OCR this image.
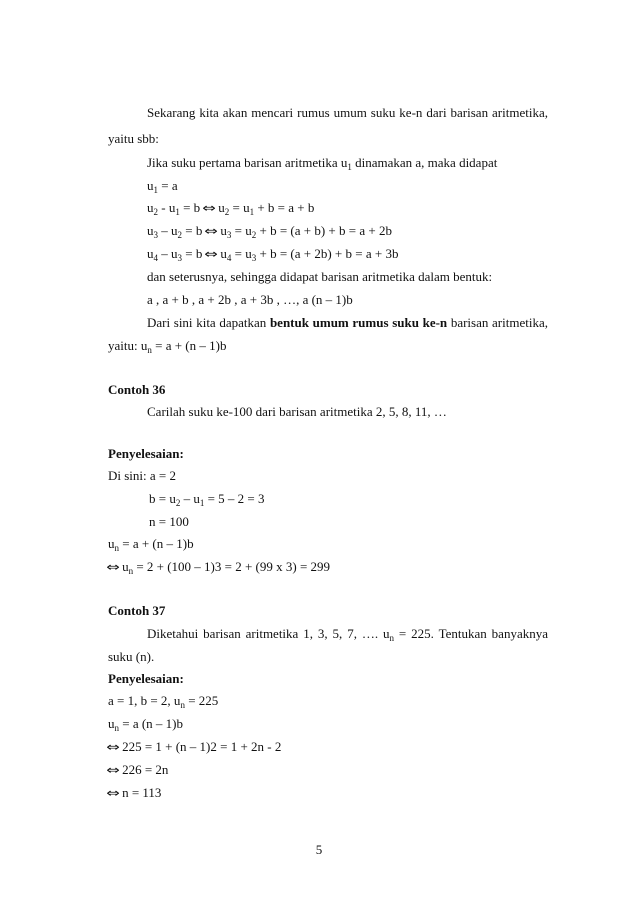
Sekarang kita akan mencari rumus umum suku ke-n dari barisan aritmetika,
yaitu sbb:
Jika suku pertama barisan aritmetika $u_1$ dinamakan a, maka didapat
$u_1 = a$
$u_2 - u_1 = b$ ⇔ $u_2 = u_1 + b = a + b$
$u_3 - u_2 = b$ ⇔ $u_3 = u_2 + b = (a + b) + b = a + 2b$
$u_4 - u_3 = b$ ⇔ $u_4 = u_3 + b = (a + 2b) + b = a + 3b$
dan seterusnya, sehingga didapat barisan aritmetika dalam bentuk:
a , a + b , a + 2b , a + 3b , …, a (n – 1)b
Dari sini kita dapatkan bentuk umum rumus suku ke-n barisan aritmetika,
yaitu: $u_n = a + (n - 1)b$
Contoh 36
Carilah suku ke-100 dari barisan aritmetika 2, 5, 8, 11, …
Penyelesaian:
Di sini: a = 2
$b = u_2 - u_1 = 5 - 2 = 3$
n = 100
$u_n = a + (n - 1)b$
⇔ $u_n = 2 + (100 - 1)3 = 2 + (99$ x 3) = 299
Contoh 37
Diketahui barisan aritmetika 1, 3, 5, 7, …. $u_n = 225$. Tentukan banyaknya
suku (n).
Penyelesaian:
a = 1, b = 2, $u_n = 225$
$u_n = a$ (n – 1)b
⇔ 225 = 1 + (n – 1)2 = 1 + 2n - 2
⇔ 226 = 2n
⇔ n = 113
5
